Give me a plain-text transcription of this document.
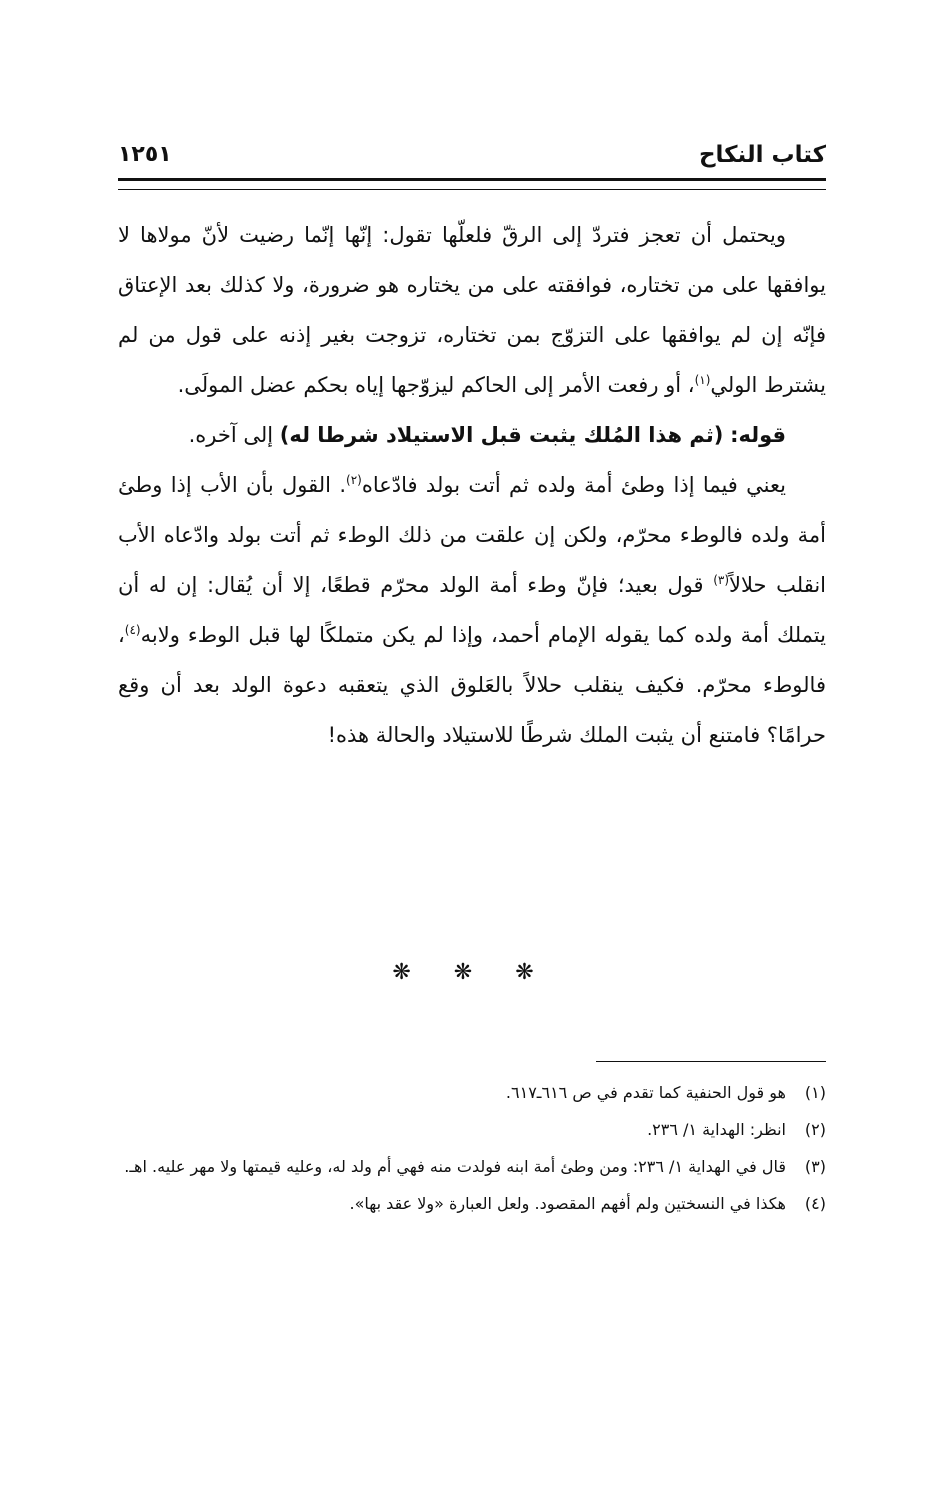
كتاب النكاح
١٢٥١

ويحتمل أن تعجز فتردّ إلى الرقّ فلعلّها تقول: إنّها إنّما رضيت لأنّ مولاها لا يوافقها على من تختاره، فوافقته على من يختاره هو ضرورة، ولا كذلك بعد الإعتاق فإنّه إن لم يوافقها على التزوّج بمن تختاره، تزوجت بغير إذنه على قول من لم يشترط الولي$^{(١)}$، أو رفعت الأمر إلى الحاكم ليزوّجها إياه بحكم عضل المولَى.

قوله: (ثم هذا المُلك يثبت قبل الاستيلاد شرطا له) إلى آخره.

يعني فيما إذا وطئ أمة ولده ثم أتت بولد فادّعاه$^{(٢)}$. القول بأن الأب إذا وطئ أمة ولده فالوطء محرّم، ولكن إن علقت من ذلك الوطء ثم أتت بولد وادّعاه الأب انقلب حلالاً$^{(٣)}$ قول بعيد؛ فإنّ وطء أمة الولد محرّم قطعًا، إلا أن يُقال: إن له أن يتملك أمة ولده كما يقوله الإمام أحمد، وإذا لم يكن متملكًا لها قبل الوطء ولابه$^{(٤)}$، فالوطء محرّم. فكيف ينقلب حلالاً بالعَلوق الذي يتعقبه دعوة الولد بعد أن وقع حرامًا؟ فامتنع أن يثبت الملك شرطًا للاستيلاد والحالة هذه!

❋ ❋ ❋
(١)
هو قول الحنفية كما تقدم في ص ٦١٦ـ٦١٧.
(٢)
انظر: الهداية ١/ ٢٣٦.
(٣)
قال في الهداية ١/ ٢٣٦: ومن وطئ أمة ابنه فولدت منه فهي أم ولد له، وعليه قيمتها ولا مهر عليه. اهـ.
(٤)
هكذا في النسختين ولم أفهم المقصود. ولعل العبارة «ولا عقد بها».
